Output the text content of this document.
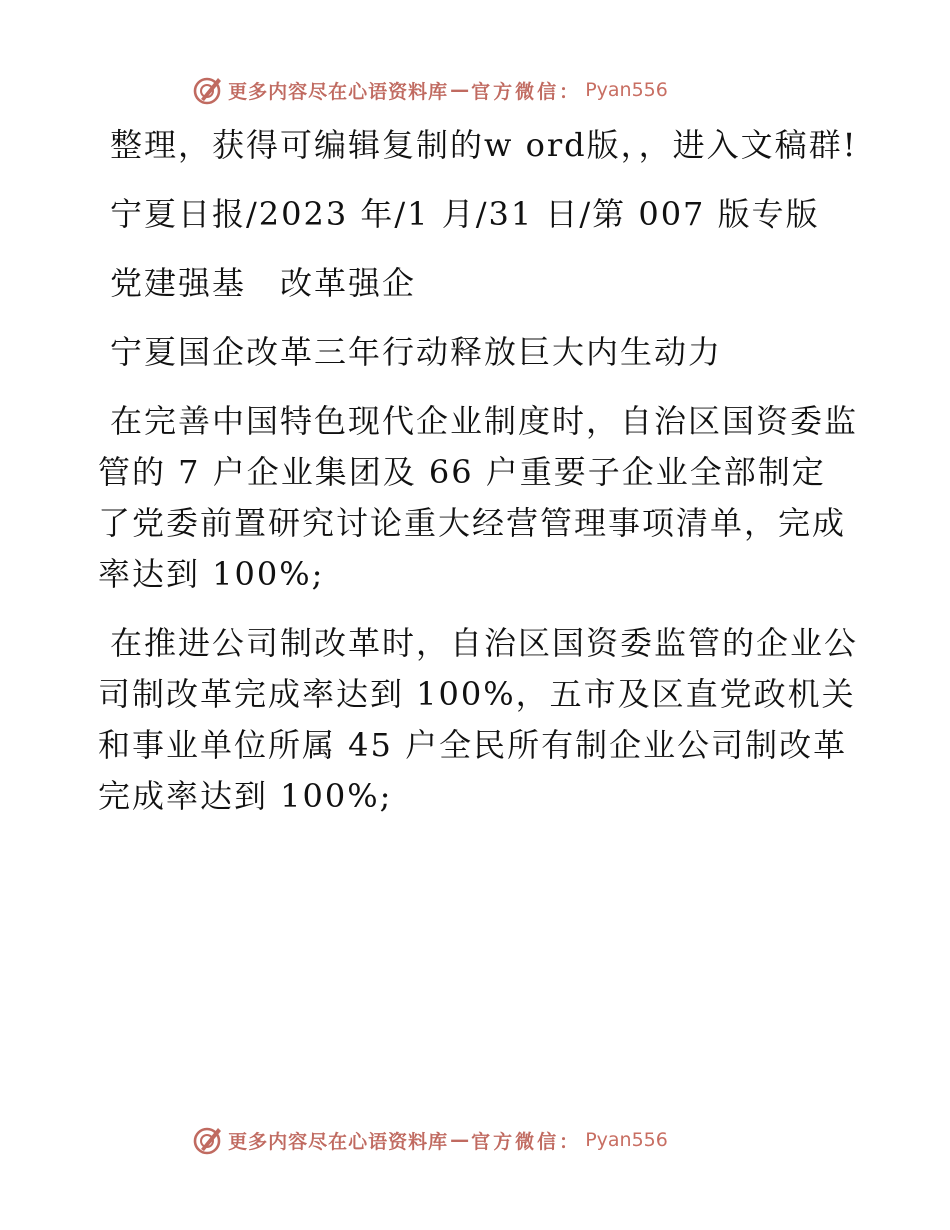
更多内容尽在心语资料库 — 官方微信： Pyan556

整理，获得可编辑复制的w ord版，，进入文稿群!

宁夏日报/2023 年/1 月/31 日/第 007 版专版

党建强基　改革强企

宁夏国企改革三年行动释放巨大内生动力

在完善中国特色现代企业制度时，自治区国资委监管的 7 户企业集团及 66 户重要子企业全部制定了党委前置研究讨论重大经营管理事项清单，完成率达到 100%;

在推进公司制改革时，自治区国资委监管的企业公司制改革完成率达到 100%，五市及区直党政机关和事业单位所属 45 户全民所有制企业公司制改革完成率达到 100%;

更多内容尽在心语资料库 — 官方微信： Pyan556
